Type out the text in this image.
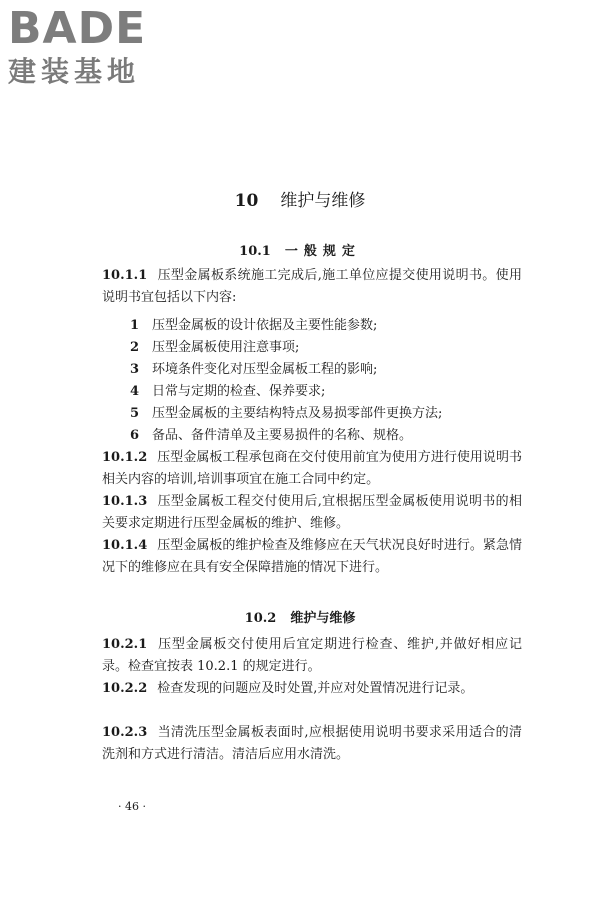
BADE
建装基地
10 维护与维修
10.1 一般规定
10.1.1 压型金属板系统施工完成后,施工单位应提交使用说明书。使用说明书宜包括以下内容:
1 压型金属板的设计依据及主要性能参数;
2 压型金属板使用注意事项;
3 环境条件变化对压型金属板工程的影响;
4 日常与定期的检查、保养要求;
5 压型金属板的主要结构特点及易损零部件更换方法;
6 备品、备件清单及主要易损件的名称、规格。
10.1.2 压型金属板工程承包商在交付使用前宜为使用方进行使用说明书相关内容的培训,培训事项宜在施工合同中约定。
10.1.3 压型金属板工程交付使用后,宜根据压型金属板使用说明书的相关要求定期进行压型金属板的维护、维修。
10.1.4 压型金属板的维护检查及维修应在天气状况良好时进行。紧急情况下的维修应在具有安全保障措施的情况下进行。
10.2 维护与维修
10.2.1 压型金属板交付使用后宜定期进行检查、维护,并做好相应记录。检查宜按表 10.2.1 的规定进行。
10.2.2 检查发现的问题应及时处置,并应对处置情况进行记录。
10.2.3 当清洗压型金属板表面时,应根据使用说明书要求采用适合的清洗剂和方式进行清洁。清洁后应用水清洗。
· 46 ·
